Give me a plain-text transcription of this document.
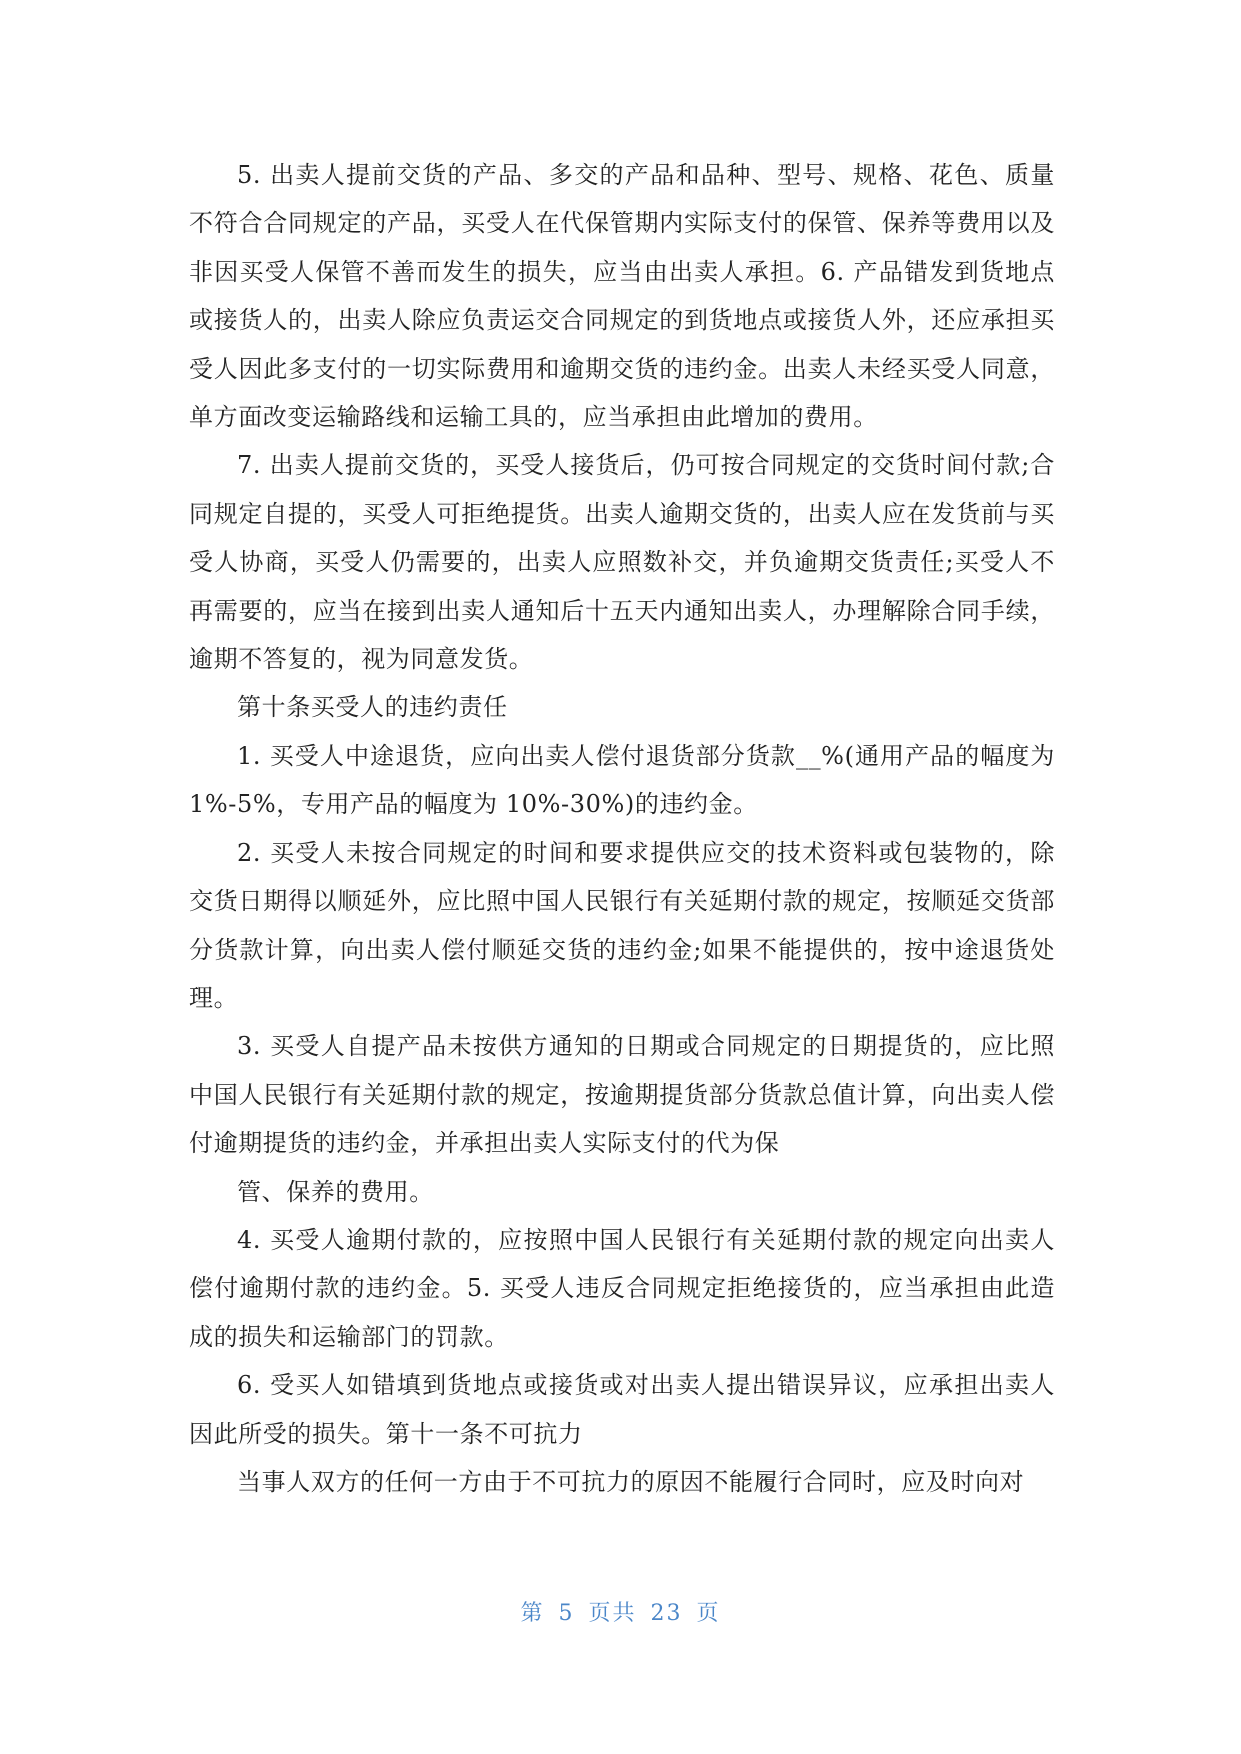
5. 出卖人提前交货的产品、多交的产品和品种、型号、规格、花色、质量不符合合同规定的产品，买受人在代保管期内实际支付的保管、保养等费用以及非因买受人保管不善而发生的损失，应当由出卖人承担。6. 产品错发到货地点或接货人的，出卖人除应负责运交合同规定的到货地点或接货人外，还应承担买受人因此多支付的一切实际费用和逾期交货的违约金。出卖人未经买受人同意，单方面改变运输路线和运输工具的，应当承担由此增加的费用。

7. 出卖人提前交货的，买受人接货后，仍可按合同规定的交货时间付款;合同规定自提的，买受人可拒绝提货。出卖人逾期交货的，出卖人应在发货前与买受人协商，买受人仍需要的，出卖人应照数补交，并负逾期交货责任;买受人不再需要的，应当在接到出卖人通知后十五天内通知出卖人，办理解除合同手续，逾期不答复的，视为同意发货。

第十条买受人的违约责任

1. 买受人中途退货，应向出卖人偿付退货部分货款__%(通用产品的幅度为 1%-5%，专用产品的幅度为 10%-30%)的违约金。

2. 买受人未按合同规定的时间和要求提供应交的技术资料或包装物的，除交货日期得以顺延外，应比照中国人民银行有关延期付款的规定，按顺延交货部分货款计算，向出卖人偿付顺延交货的违约金;如果不能提供的，按中途退货处理。

3. 买受人自提产品未按供方通知的日期或合同规定的日期提货的，应比照中国人民银行有关延期付款的规定，按逾期提货部分货款总值计算，向出卖人偿付逾期提货的违约金，并承担出卖人实际支付的代为保

管、保养的费用。

4. 买受人逾期付款的，应按照中国人民银行有关延期付款的规定向出卖人偿付逾期付款的违约金。5. 买受人违反合同规定拒绝接货的，应当承担由此造成的损失和运输部门的罚款。

6. 受买人如错填到货地点或接货或对出卖人提出错误异议，应承担出卖人因此所受的损失。第十一条不可抗力

当事人双方的任何一方由于不可抗力的原因不能履行合同时，应及时向对

第 5 页共 23 页
